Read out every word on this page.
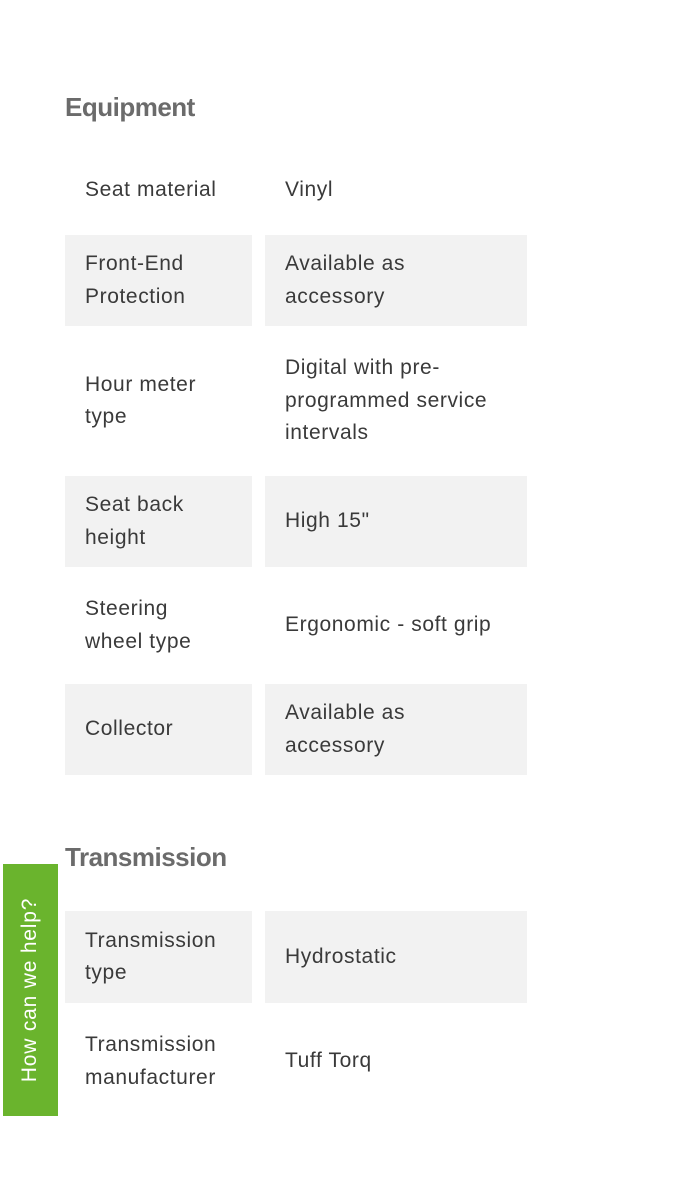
Equipment
Seat material	Vinyl
Front-End Protection
Available as accessory
Hour meter type
Digital with pre-programmed service intervals
Seat back height
High 15"
Steering wheel type
Ergonomic - soft grip
Collector
Available as accessory
Transmission
Transmission type
Hydrostatic
Transmission manufacturer
Tuff Torq
How can we help?
